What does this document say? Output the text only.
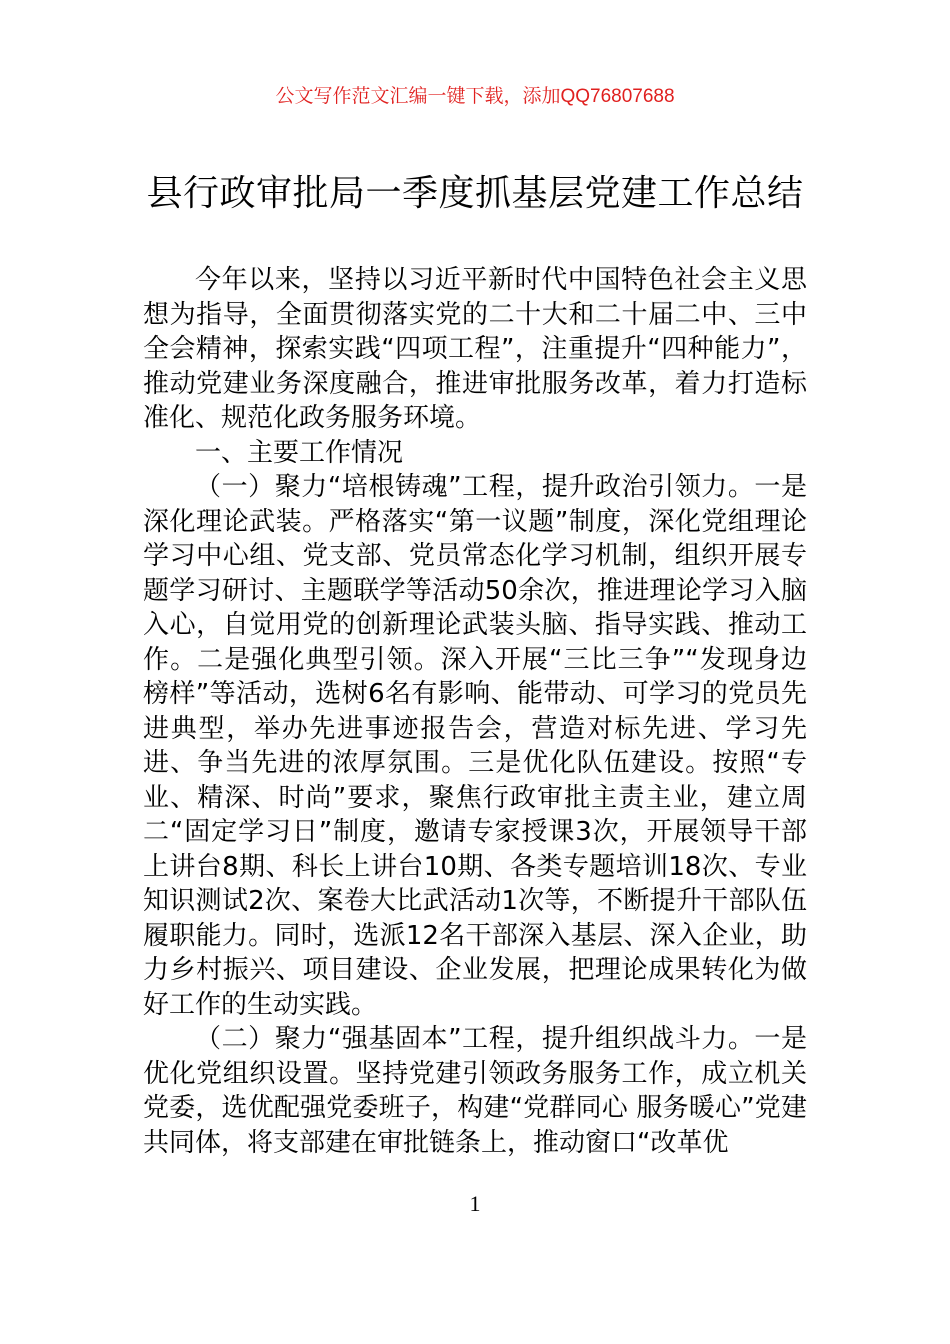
公文写作范文汇编一键下载，添加QQ76807688
县行政审批局一季度抓基层党建工作总结

今年以来，坚持以习近平新时代中国特色社会主义思想为指导，全面贯彻落实党的二十大和二十届二中、三中全会精神，探索实践“四项工程”，注重提升“四种能力”，推动党建业务深度融合，推进审批服务改革，着力打造标准化、规范化政务服务环境。

一、主要工作情况

（一）聚力“培根铸魂”工程，提升政治引领力。一是深化理论武装。严格落实“第一议题”制度，深化党组理论学习中心组、党支部、党员常态化学习机制，组织开展专题学习研讨、主题联学等活动50余次，推进理论学习入脑入心，自觉用党的创新理论武装头脑、指导实践、推动工作。二是强化典型引领。深入开展“三比三争”“发现身边榜样”等活动，选树6名有影响、能带动、可学习的党员先进典型，举办先进事迹报告会，营造对标先进、学习先进、争当先进的浓厚氛围。三是优化队伍建设。按照“专业、精深、时尚”要求，聚焦行政审批主责主业，建立周二“固定学习日”制度，邀请专家授课3次，开展领导干部上讲台8期、科长上讲台10期、各类专题培训18次、专业知识测试2次、案卷大比武活动1次等，不断提升干部队伍履职能力。同时，选派12名干部深入基层、深入企业，助力乡村振兴、项目建设、企业发展，把理论成果转化为做好工作的生动实践。

（二）聚力“强基固本”工程，提升组织战斗力。一是优化党组织设置。坚持党建引领政务服务工作，成立机关党委，选优配强党委班子，构建“党群同心 服务暖心”党建共同体，将支部建在审批链条上，推动窗口“改革优

1
